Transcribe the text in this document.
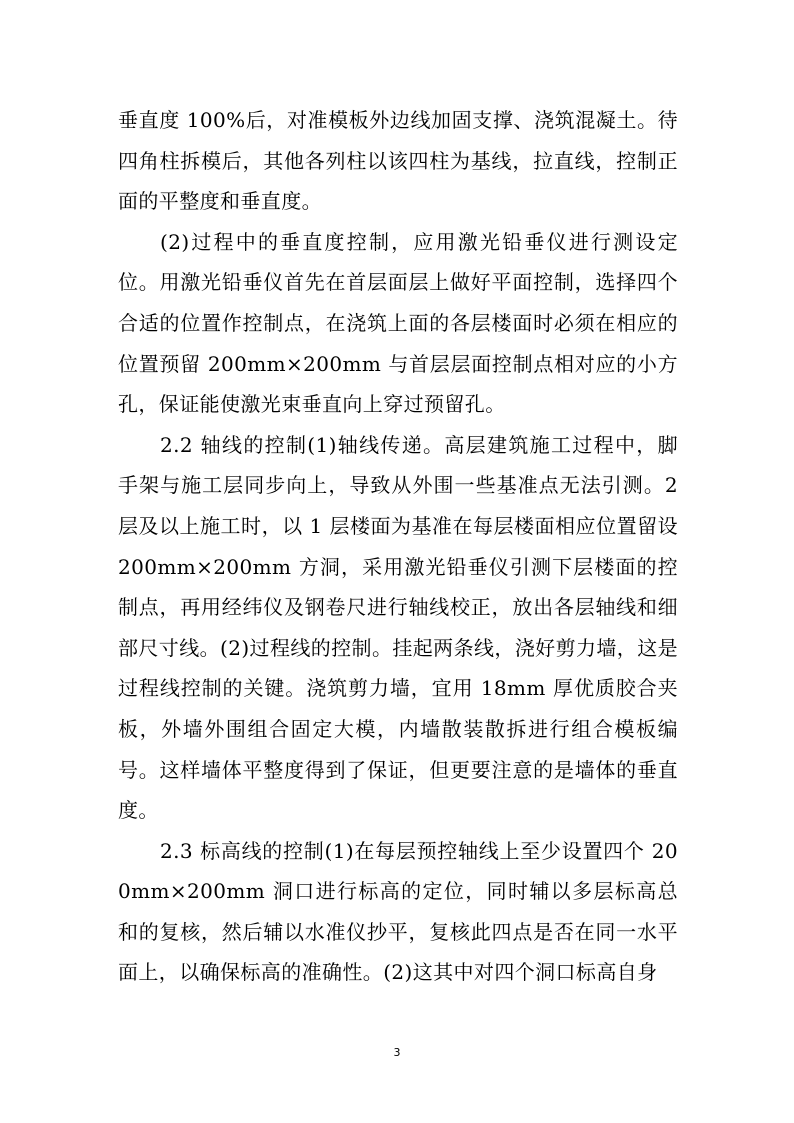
垂直度 100%后，对准模板外边线加固支撑、浇筑混凝土。待四角柱拆模后，其他各列柱以该四柱为基线，拉直线，控制正面的平整度和垂直度。

(2)过程中的垂直度控制，应用激光铅垂仪进行测设定位。用激光铅垂仪首先在首层面层上做好平面控制，选择四个合适的位置作控制点，在浇筑上面的各层楼面时必须在相应的位置预留 200mm×200mm 与首层层面控制点相对应的小方孔，保证能使激光束垂直向上穿过预留孔。

2.2 轴线的控制(1)轴线传递。高层建筑施工过程中，脚手架与施工层同步向上，导致从外围一些基准点无法引测。2 层及以上施工时，以 1 层楼面为基准在每层楼面相应位置留设 200mm×200mm 方洞，采用激光铅垂仪引测下层楼面的控制点，再用经纬仪及钢卷尺进行轴线校正，放出各层轴线和细部尺寸线。(2)过程线的控制。挂起两条线，浇好剪力墙，这是过程线控制的关键。浇筑剪力墙，宜用 18mm 厚优质胶合夹板，外墙外围组合固定大模，内墙散装散拆进行组合模板编号。这样墙体平整度得到了保证，但更要注意的是墙体的垂直度。

2.3 标高线的控制(1)在每层预控轴线上至少设置四个 200mm×200mm 洞口进行标高的定位，同时辅以多层标高总和的复核，然后辅以水准仪抄平，复核此四点是否在同一水平面上，以确保标高的准确性。(2)这其中对四个洞口标高自身

3
